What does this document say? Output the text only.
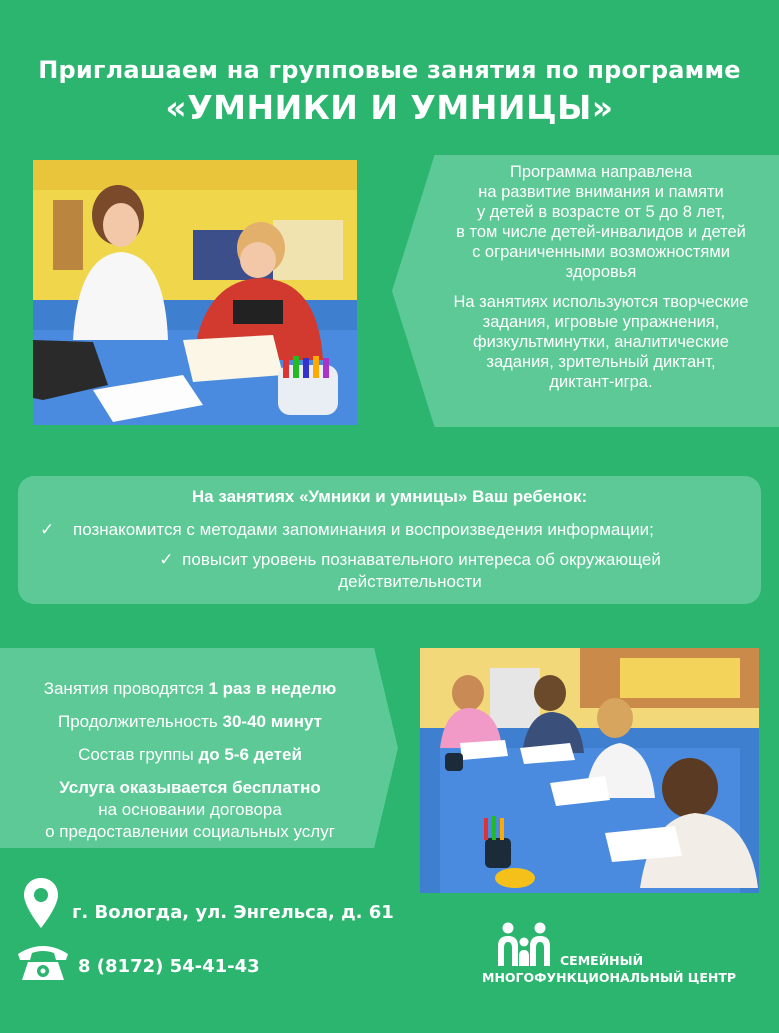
Приглашаем на групповые занятия по программе
«УМНИКИ И УМНИЦЫ»

Программа направлена
на развитие внимания и памяти
у детей в возрасте от 5 до 8 лет,
в том числе детей-инвалидов и детей
с ограниченными возможностями
здоровья

На занятиях используются творческие
задания, игровые упражнения,
физкультминутки, аналитические
задания, зрительный диктант,
диктант-игра.

На занятиях «Умники и умницы» Ваш ребенок:
✓ познакомится с методами запоминания и воспроизведения информации;
✓ повысит уровень познавательного интереса об окружающей
действительности
Занятия проводятся 1 раз в неделю
Продолжительность 30-40 минут
Состав группы до 5-6 детей
Услуга оказывается бесплатно
на основании договора
о предоставлении социальных услуг
г. Вологда, ул. Энгельса, д. 61
8 (8172) 54-41-43	СЕМЕЙНЫЙ
МНОГОФУНКЦИОНАЛЬНЫЙ ЦЕНТР
